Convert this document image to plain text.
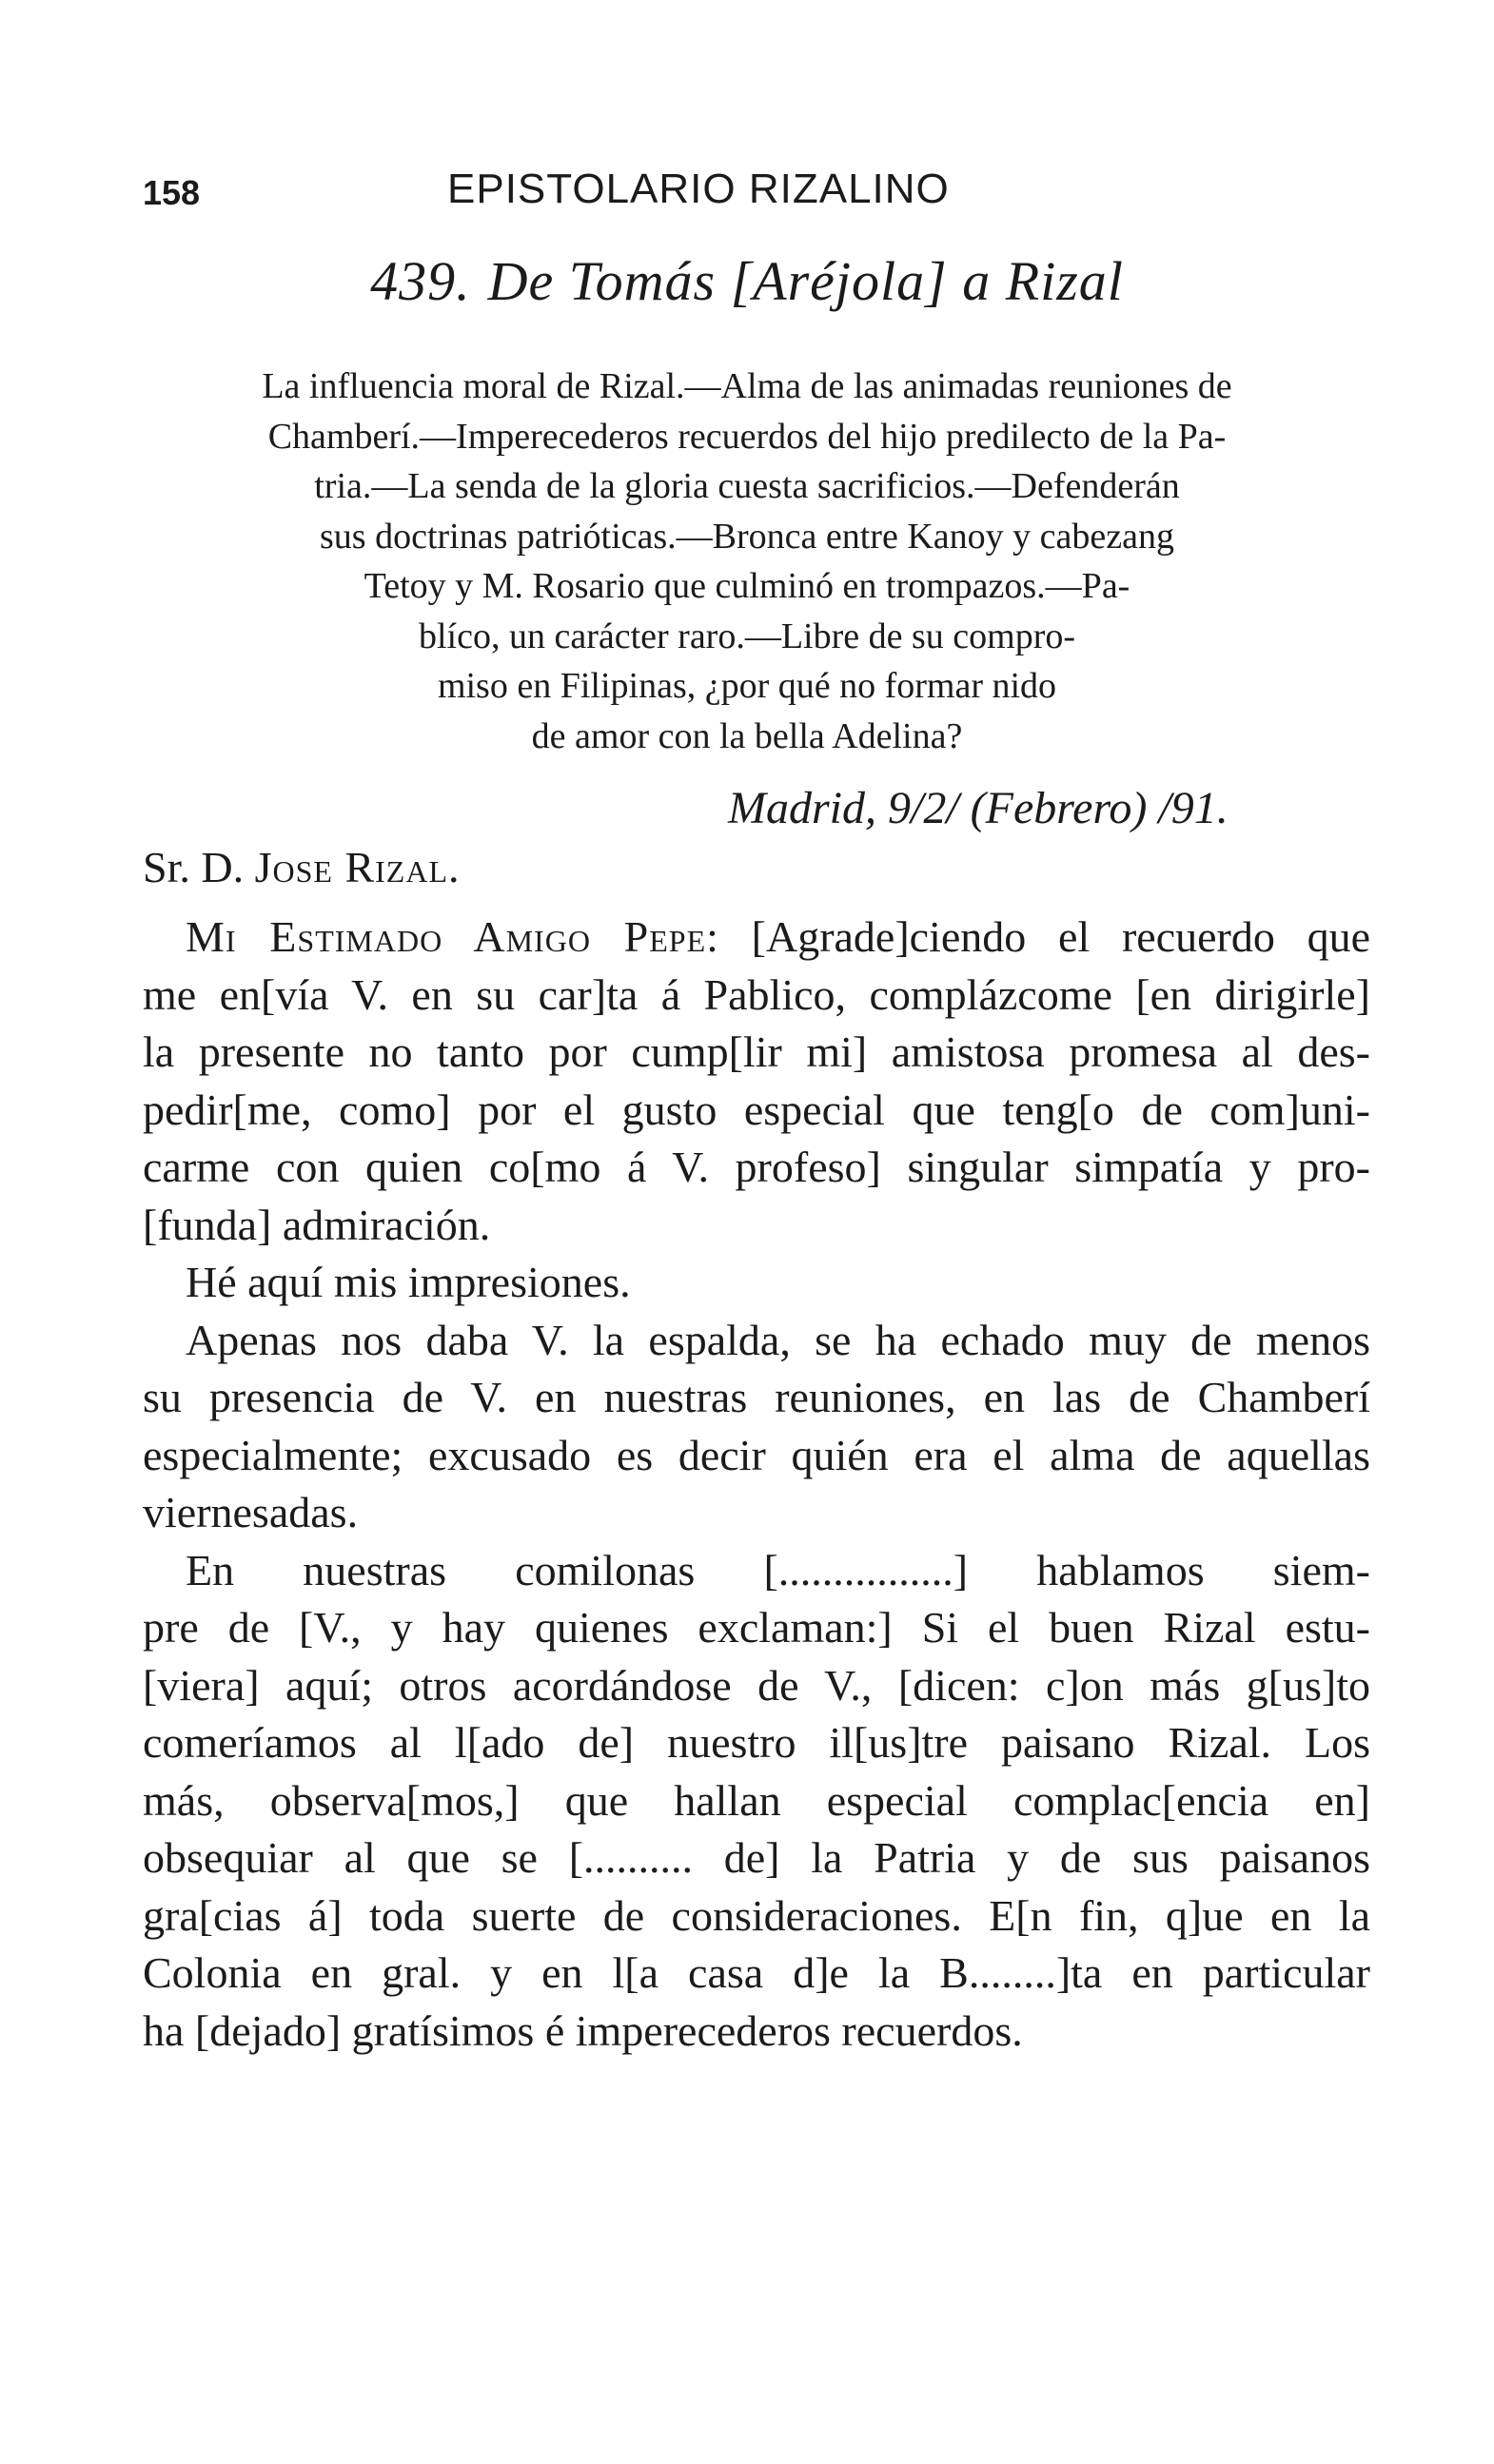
158	EPISTOLARIO RIZALINO
439. De Tomás [Aréjola] a Rizal
La influencia moral de Rizal.—Alma de las animadas reuniones de
Chamberí.—Imperecederos recuerdos del hijo predilecto de la Pa-
tria.—La senda de la gloria cuesta sacrificios.—Defenderán
sus doctrinas patrióticas.—Bronca entre Kanoy y cabezang
Tetoy y M. Rosario que culminó en trompazos.—Pa-
blíco, un carácter raro.—Libre de su compro-
miso en Filipinas, ¿por qué no formar nido
de amor con la bella Adelina?
Madrid, 9/2/ (Febrero) /91.
Sr. D. Jose Rizal.
Mi Estimado Amigo Pepe: [Agrade]ciendo el recuerdo que
me en[vía V. en su car]ta á Pablico, complázcome [en dirigirle]
la presente no tanto por cump[lir mi] amistosa promesa al des-
pedir[me, como] por el gusto especial que teng[o de com]uni-
carme con quien co[mo á V. profeso] singular simpatía y pro-
[funda] admiración.
Hé aquí mis impresiones.
Apenas nos daba V. la espalda, se ha echado muy de menos
su presencia de V. en nuestras reuniones, en las de Chamberí
especialmente; excusado es decir quién era el alma de aquellas
viernesadas.
En nuestras comilonas [................] hablamos siem-
pre de [V., y hay quienes exclaman:] Si el buen Rizal estu-
[viera] aquí; otros acordándose de V., [dicen: c]on más g[us]to
comeríamos al l[ado de] nuestro il[us]tre paisano Rizal. Los
más, observa[mos,] que hallan especial complac[encia en]
obsequiar al que se [.......... de] la Patria y de sus paisanos
gra[cias á] toda suerte de consideraciones. E[n fin, q]ue en la
Colonia en gral. y en l[a casa d]e la B........]ta en particular
ha [dejado] gratísimos é imperecederos recuerdos.
